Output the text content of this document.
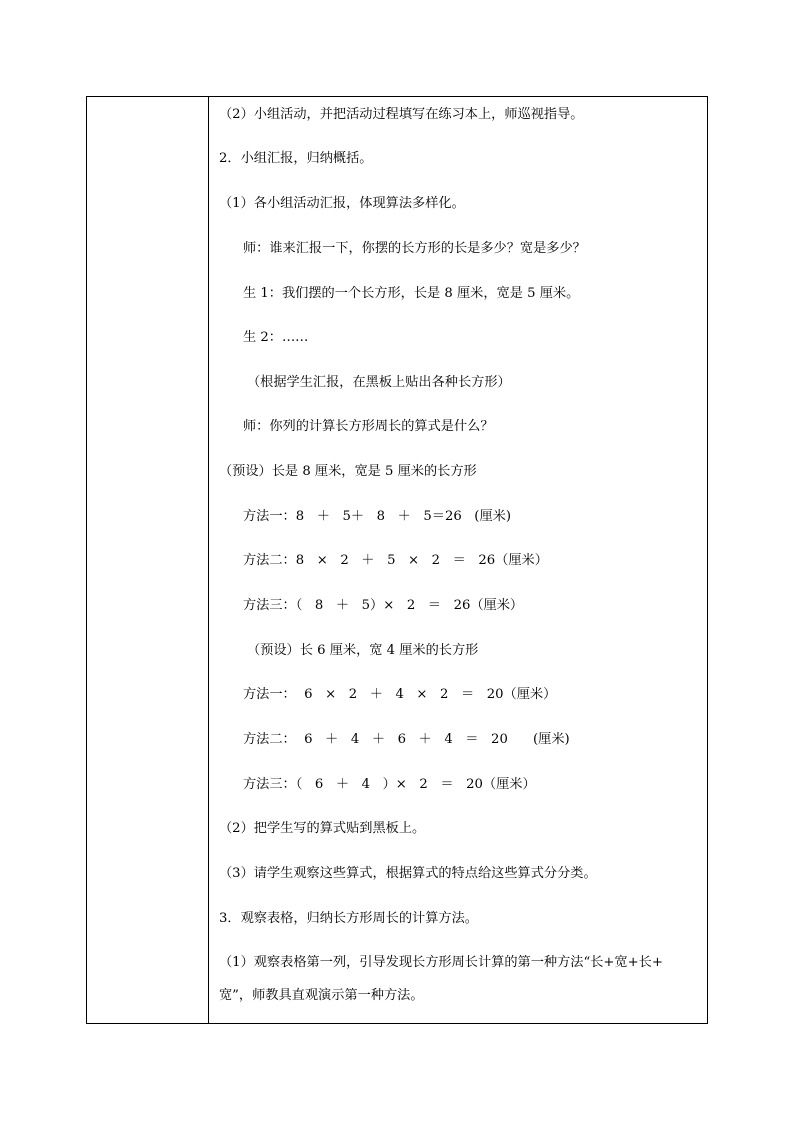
（2）小组活动，并把活动过程填写在练习本上，师巡视指导。
2．小组汇报，归纳概括。
（1）各小组活动汇报，体现算法多样化。
师：谁来汇报一下，你摆的长方形的长是多少？宽是多少？
生 1：我们摆的一个长方形，长是 8 厘米，宽是 5 厘米。
生 2：……
（根据学生汇报，在黑板上贴出各种长方形）
师：你列的计算长方形周长的算式是什么？
（预设）长是 8 厘米，宽是 5 厘米的长方形
方法一：8   ＋   5＋   8   ＋   5＝26   (厘米)
方法二：8   ×   2   ＋   5   ×   2   ＝   26（厘米）
方法三：（   8   ＋   5）×   2   ＝   26（厘米）
（预设）长 6 厘米，宽 4 厘米的长方形
方法一：  6   ×   2   ＋   4   ×   2   ＝   20（厘米）
方法二：  6   ＋   4   ＋   6   ＋   4   ＝   20      (厘米)
方法三：（   6   ＋   4   ）×   2   ＝   20（厘米）
（2）把学生写的算式贴到黑板上。
（3）请学生观察这些算式，根据算式的特点给这些算式分分类。
3．观察表格，归纳长方形周长的计算方法。
（1）观察表格第一列，引导发现长方形周长计算的第一种方法“长+宽+长+
宽”，师教具直观演示第一种方法。
